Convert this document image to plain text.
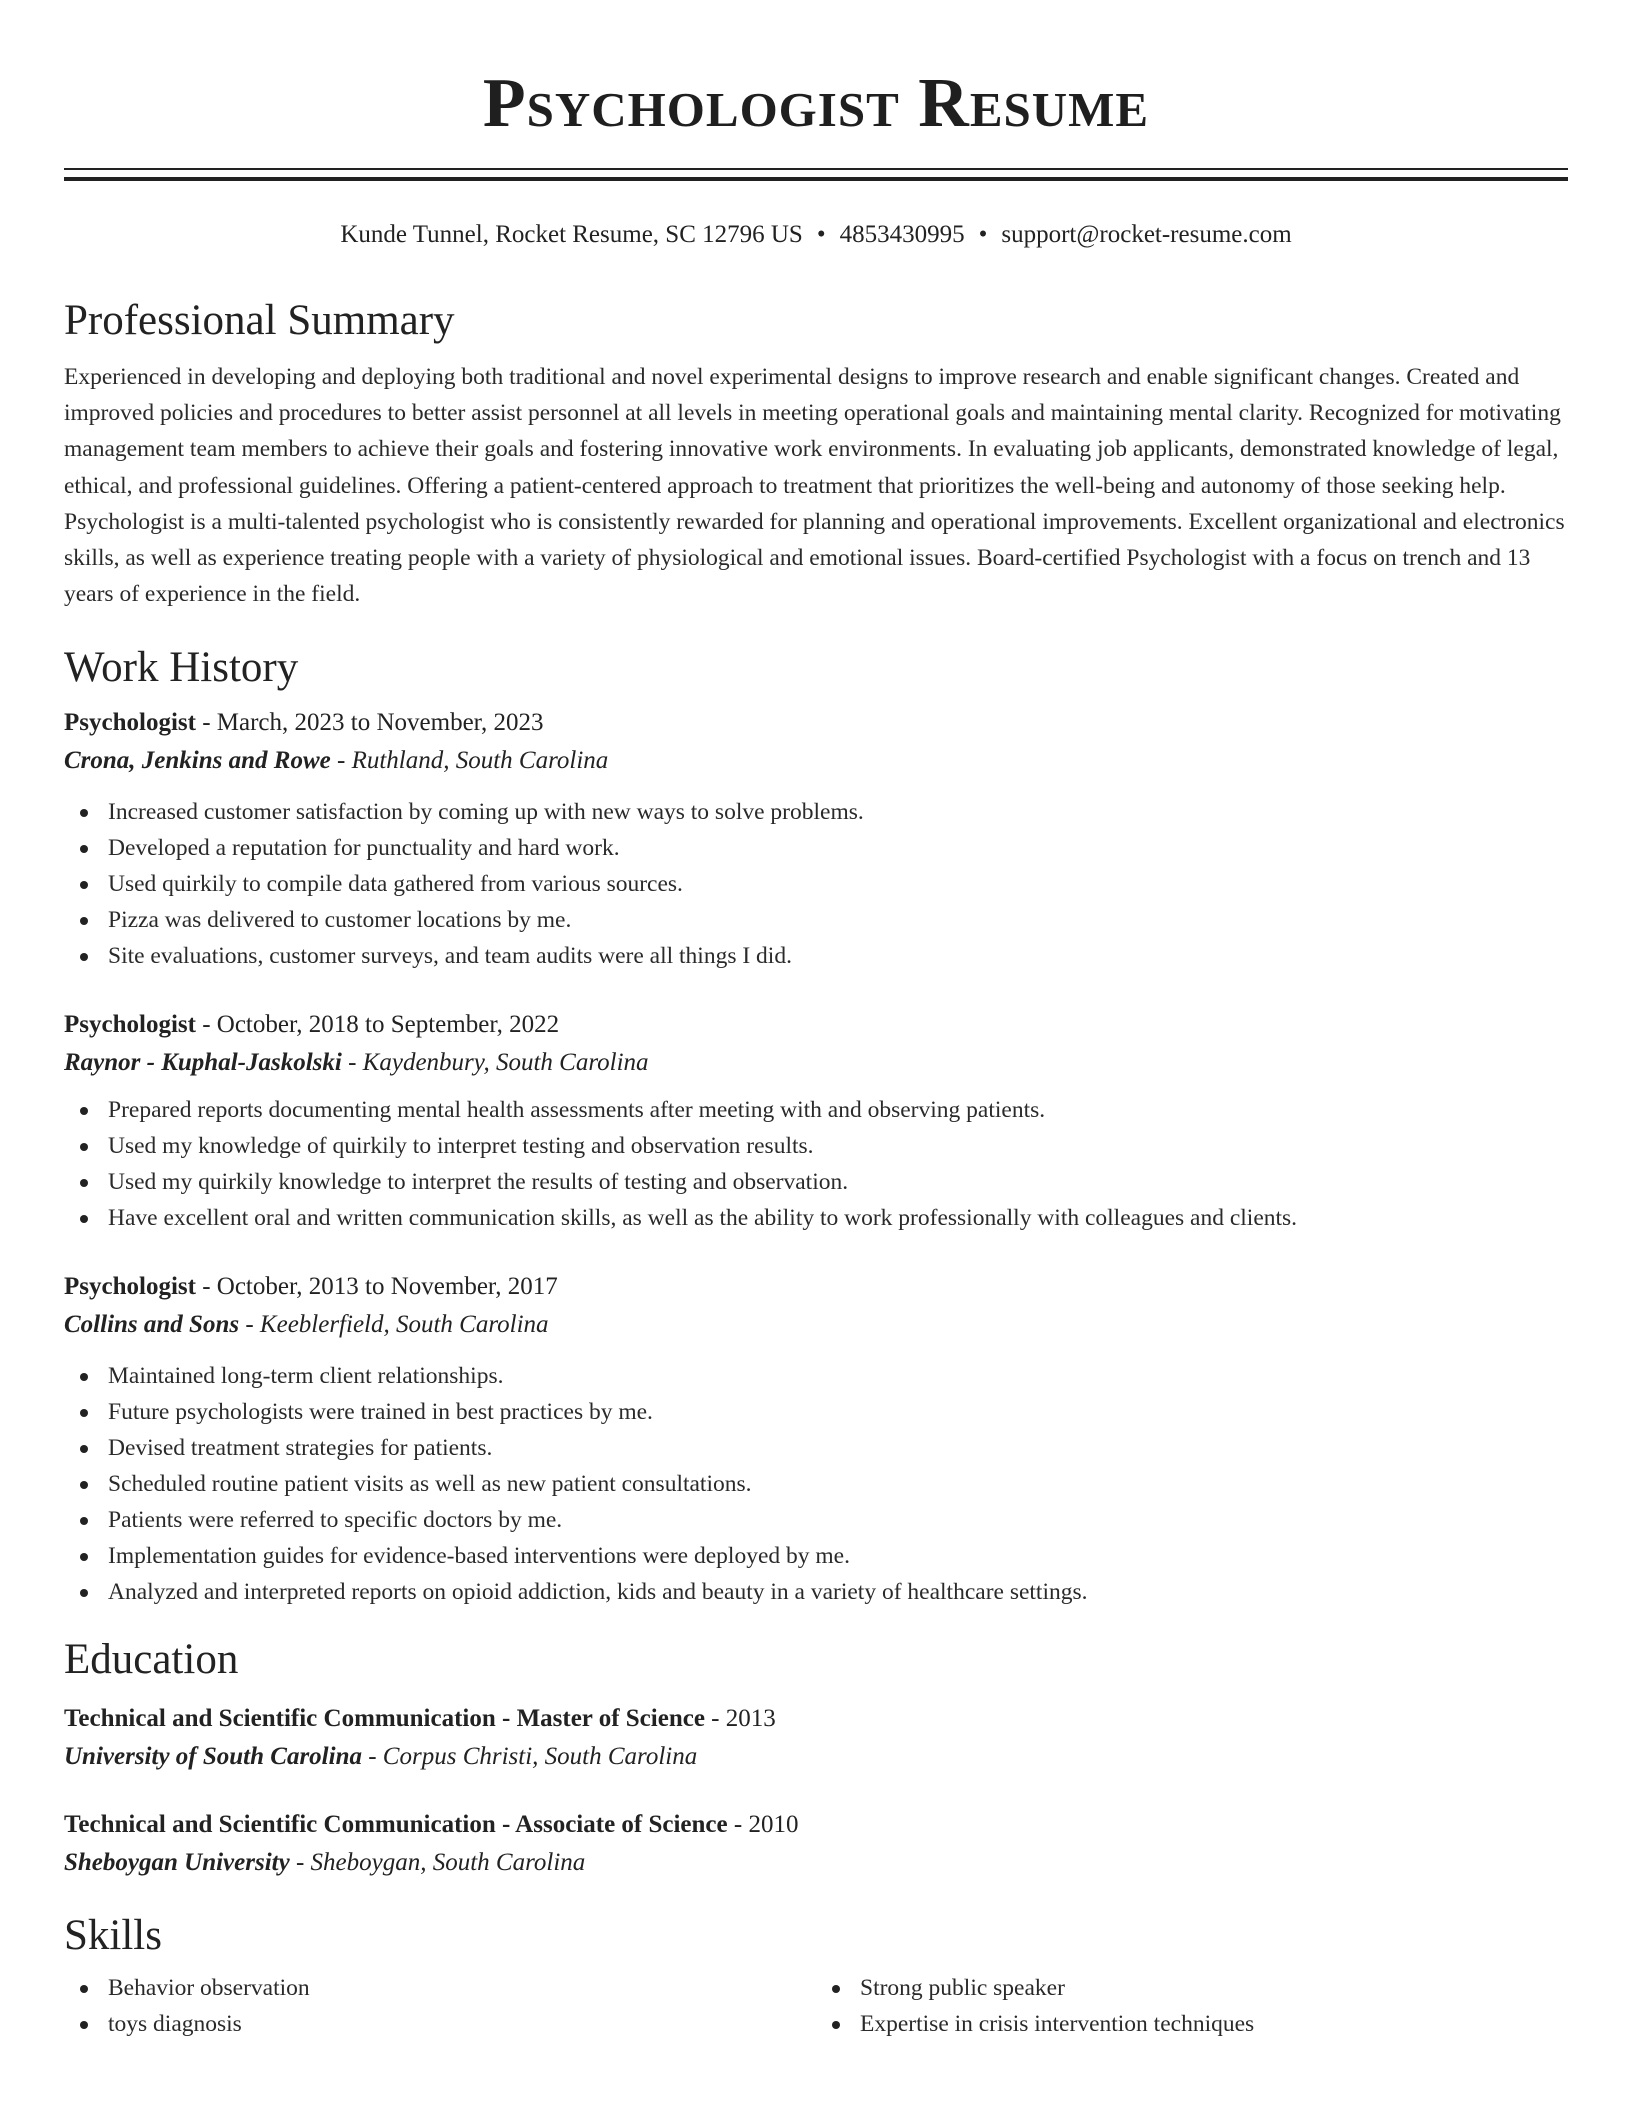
Psychologist Resume
Kunde Tunnel, Rocket Resume, SC 12796 US • 4853430995 • support@rocket-resume.com
Professional Summary

Experienced in developing and deploying both traditional and novel experimental designs to improve research and enable significant changes. Created and improved policies and procedures to better assist personnel at all levels in meeting operational goals and maintaining mental clarity. Recognized for motivating management team members to achieve their goals and fostering innovative work environments. In evaluating job applicants, demonstrated knowledge of legal, ethical, and professional guidelines. Offering a patient-centered approach to treatment that prioritizes the well-being and autonomy of those seeking help. Psychologist is a multi-talented psychologist who is consistently rewarded for planning and operational improvements. Excellent organizational and electronics skills, as well as experience treating people with a variety of physiological and emotional issues. Board-certified Psychologist with a focus on trench and 13 years of experience in the field.

Work History
Psychologist - March, 2023 to November, 2023
Crona, Jenkins and Rowe - Ruthland, South Carolina
Increased customer satisfaction by coming up with new ways to solve problems.
Developed a reputation for punctuality and hard work.
Used quirkily to compile data gathered from various sources.
Pizza was delivered to customer locations by me.
Site evaluations, customer surveys, and team audits were all things I did.
Psychologist - October, 2018 to September, 2022
Raynor - Kuphal-Jaskolski - Kaydenbury, South Carolina
Prepared reports documenting mental health assessments after meeting with and observing patients.
Used my knowledge of quirkily to interpret testing and observation results.
Used my quirkily knowledge to interpret the results of testing and observation.
Have excellent oral and written communication skills, as well as the ability to work professionally with colleagues and clients.
Psychologist - October, 2013 to November, 2017
Collins and Sons - Keeblerfield, South Carolina
Maintained long-term client relationships.
Future psychologists were trained in best practices by me.
Devised treatment strategies for patients.
Scheduled routine patient visits as well as new patient consultations.
Patients were referred to specific doctors by me.
Implementation guides for evidence-based interventions were deployed by me.
Analyzed and interpreted reports on opioid addiction, kids and beauty in a variety of healthcare settings.
Education
Technical and Scientific Communication - Master of Science - 2013
University of South Carolina - Corpus Christi, South Carolina
Technical and Scientific Communication - Associate of Science - 2010
Sheboygan University - Sheboygan, South Carolina
Skills
Behavior observation
toys diagnosis
Strong public speaker
Expertise in crisis intervention techniques
